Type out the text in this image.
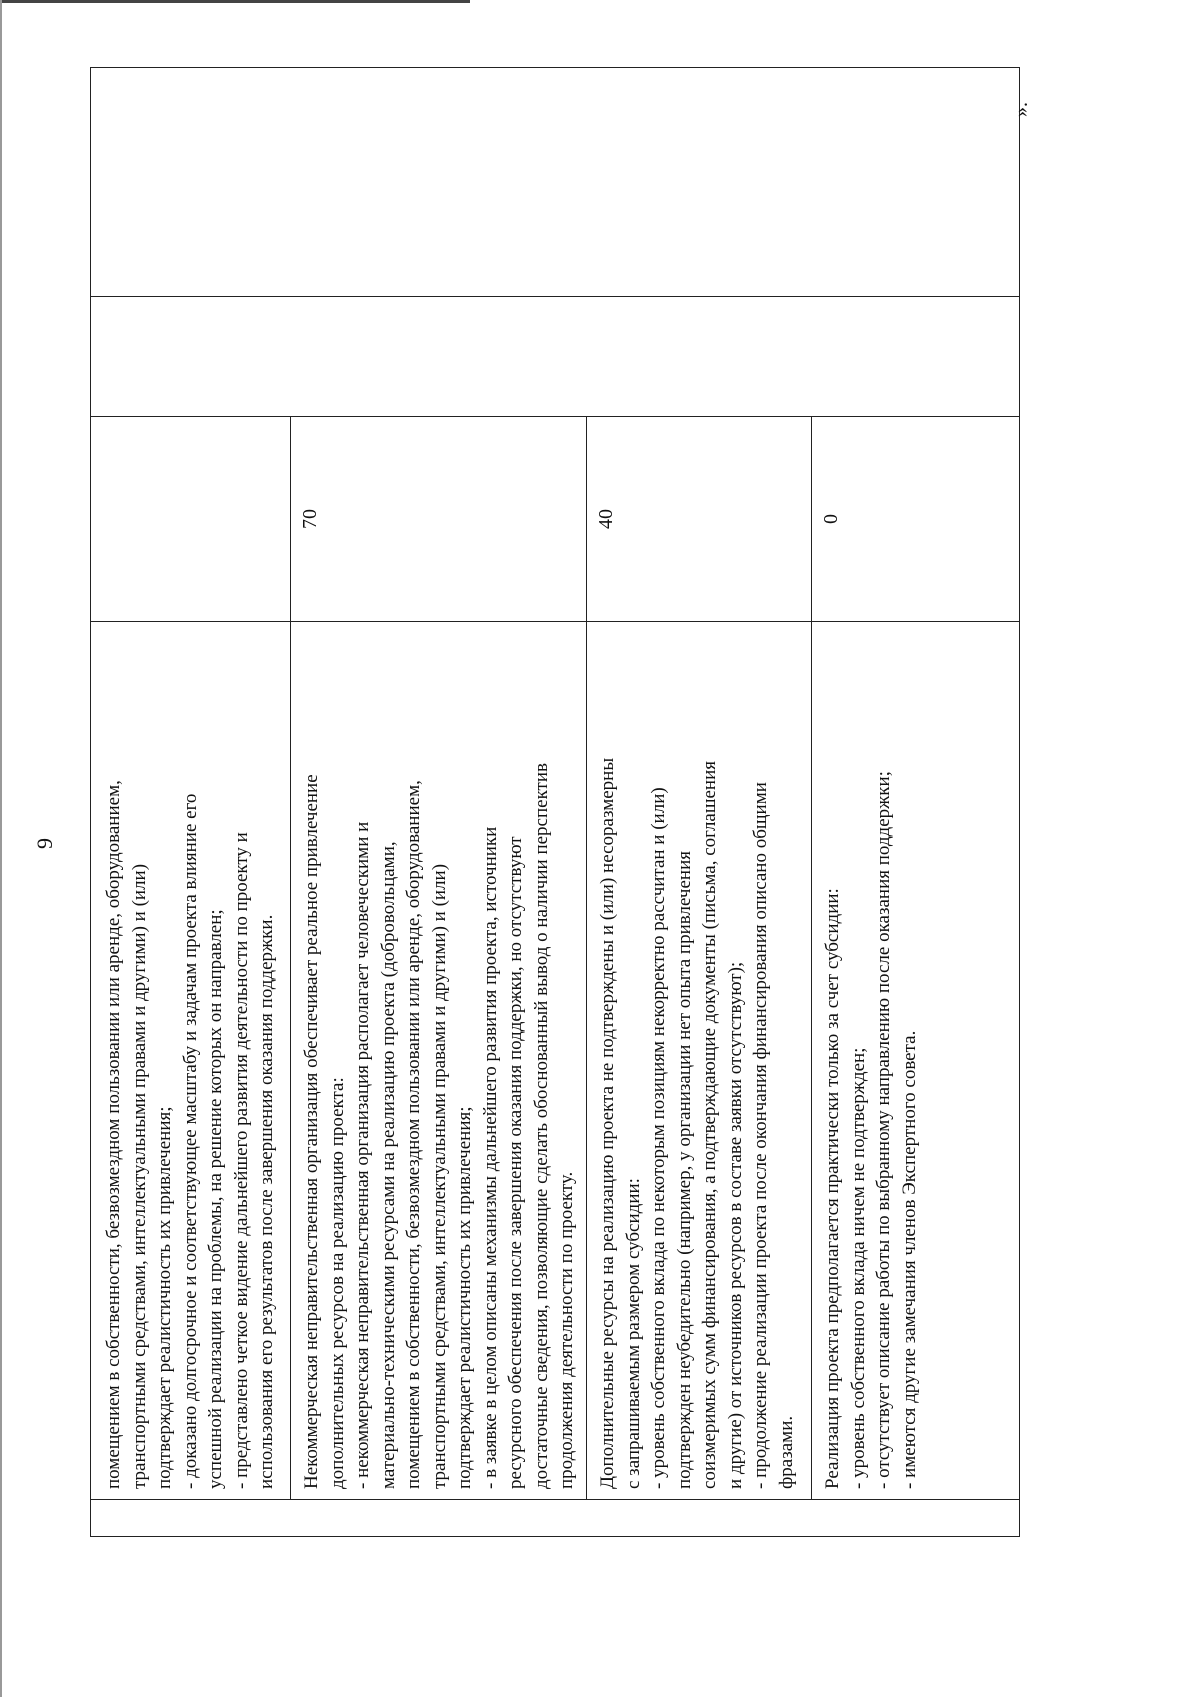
9 помещением в собственности, безвозмездном пользовании или аренде, оборудованием, транспортными средствами, интеллектуальными правами и другими) и (или) подтверждает реалистичность их привлечения; - доказано долгосрочное и соответствующее масштабу и задачам проекта влияние его успешной реализации на проблемы, на решение которых он направлен; - представлено четкое видение дальнейшего развития деятельности по проекту и использования его результатов после завершения оказания поддержки. Некоммерческая неправительственная организация обеспечивает реальное привлечение дополнительных ресурсов на реализацию проекта: - некоммерческая неправительственная организация располагает человеческими и материально-техническими ресурсами на реализацию проекта (добровольцами, помещением в собственности, безвозмездном пользовании или аренде, оборудованием, транспортными средствами, интеллектуальными правами и другими) и (или) подтверждает реалистичность их привлечения; - в заявке в целом описаны механизмы дальнейшего развития проекта, источники ресурсного обеспечения после завершения оказания поддержки, но отсутствуют достаточные сведения, позволяющие сделать обоснованный вывод о наличии перспектив продолжения деятельности по проекту. Дополнительные ресурсы на реализацию проекта не подтверждены и (или) несоразмерны с запрашиваемым размером субсидии: - уровень собственного вклада по некоторым позициям некорректно рассчитан и (или) подтвержден неубедительно (например, у организации нет опыта привлечения соизмеримых сумм финансирования, а подтверждающие документы (письма, соглашения и другие) от источников ресурсов в составе заявки отсутствуют); - продолжение реализации проекта после окончания финансирования описано общими фразами. Реализация проекта предполагается практически только за счет субсидии: - уровень собственного вклада ничем не подтвержден; - отсутствует описание работы по выбранному направлению после оказания поддержки; - имеются другие замечания членов Экспертного совета.
70	40	0
».
